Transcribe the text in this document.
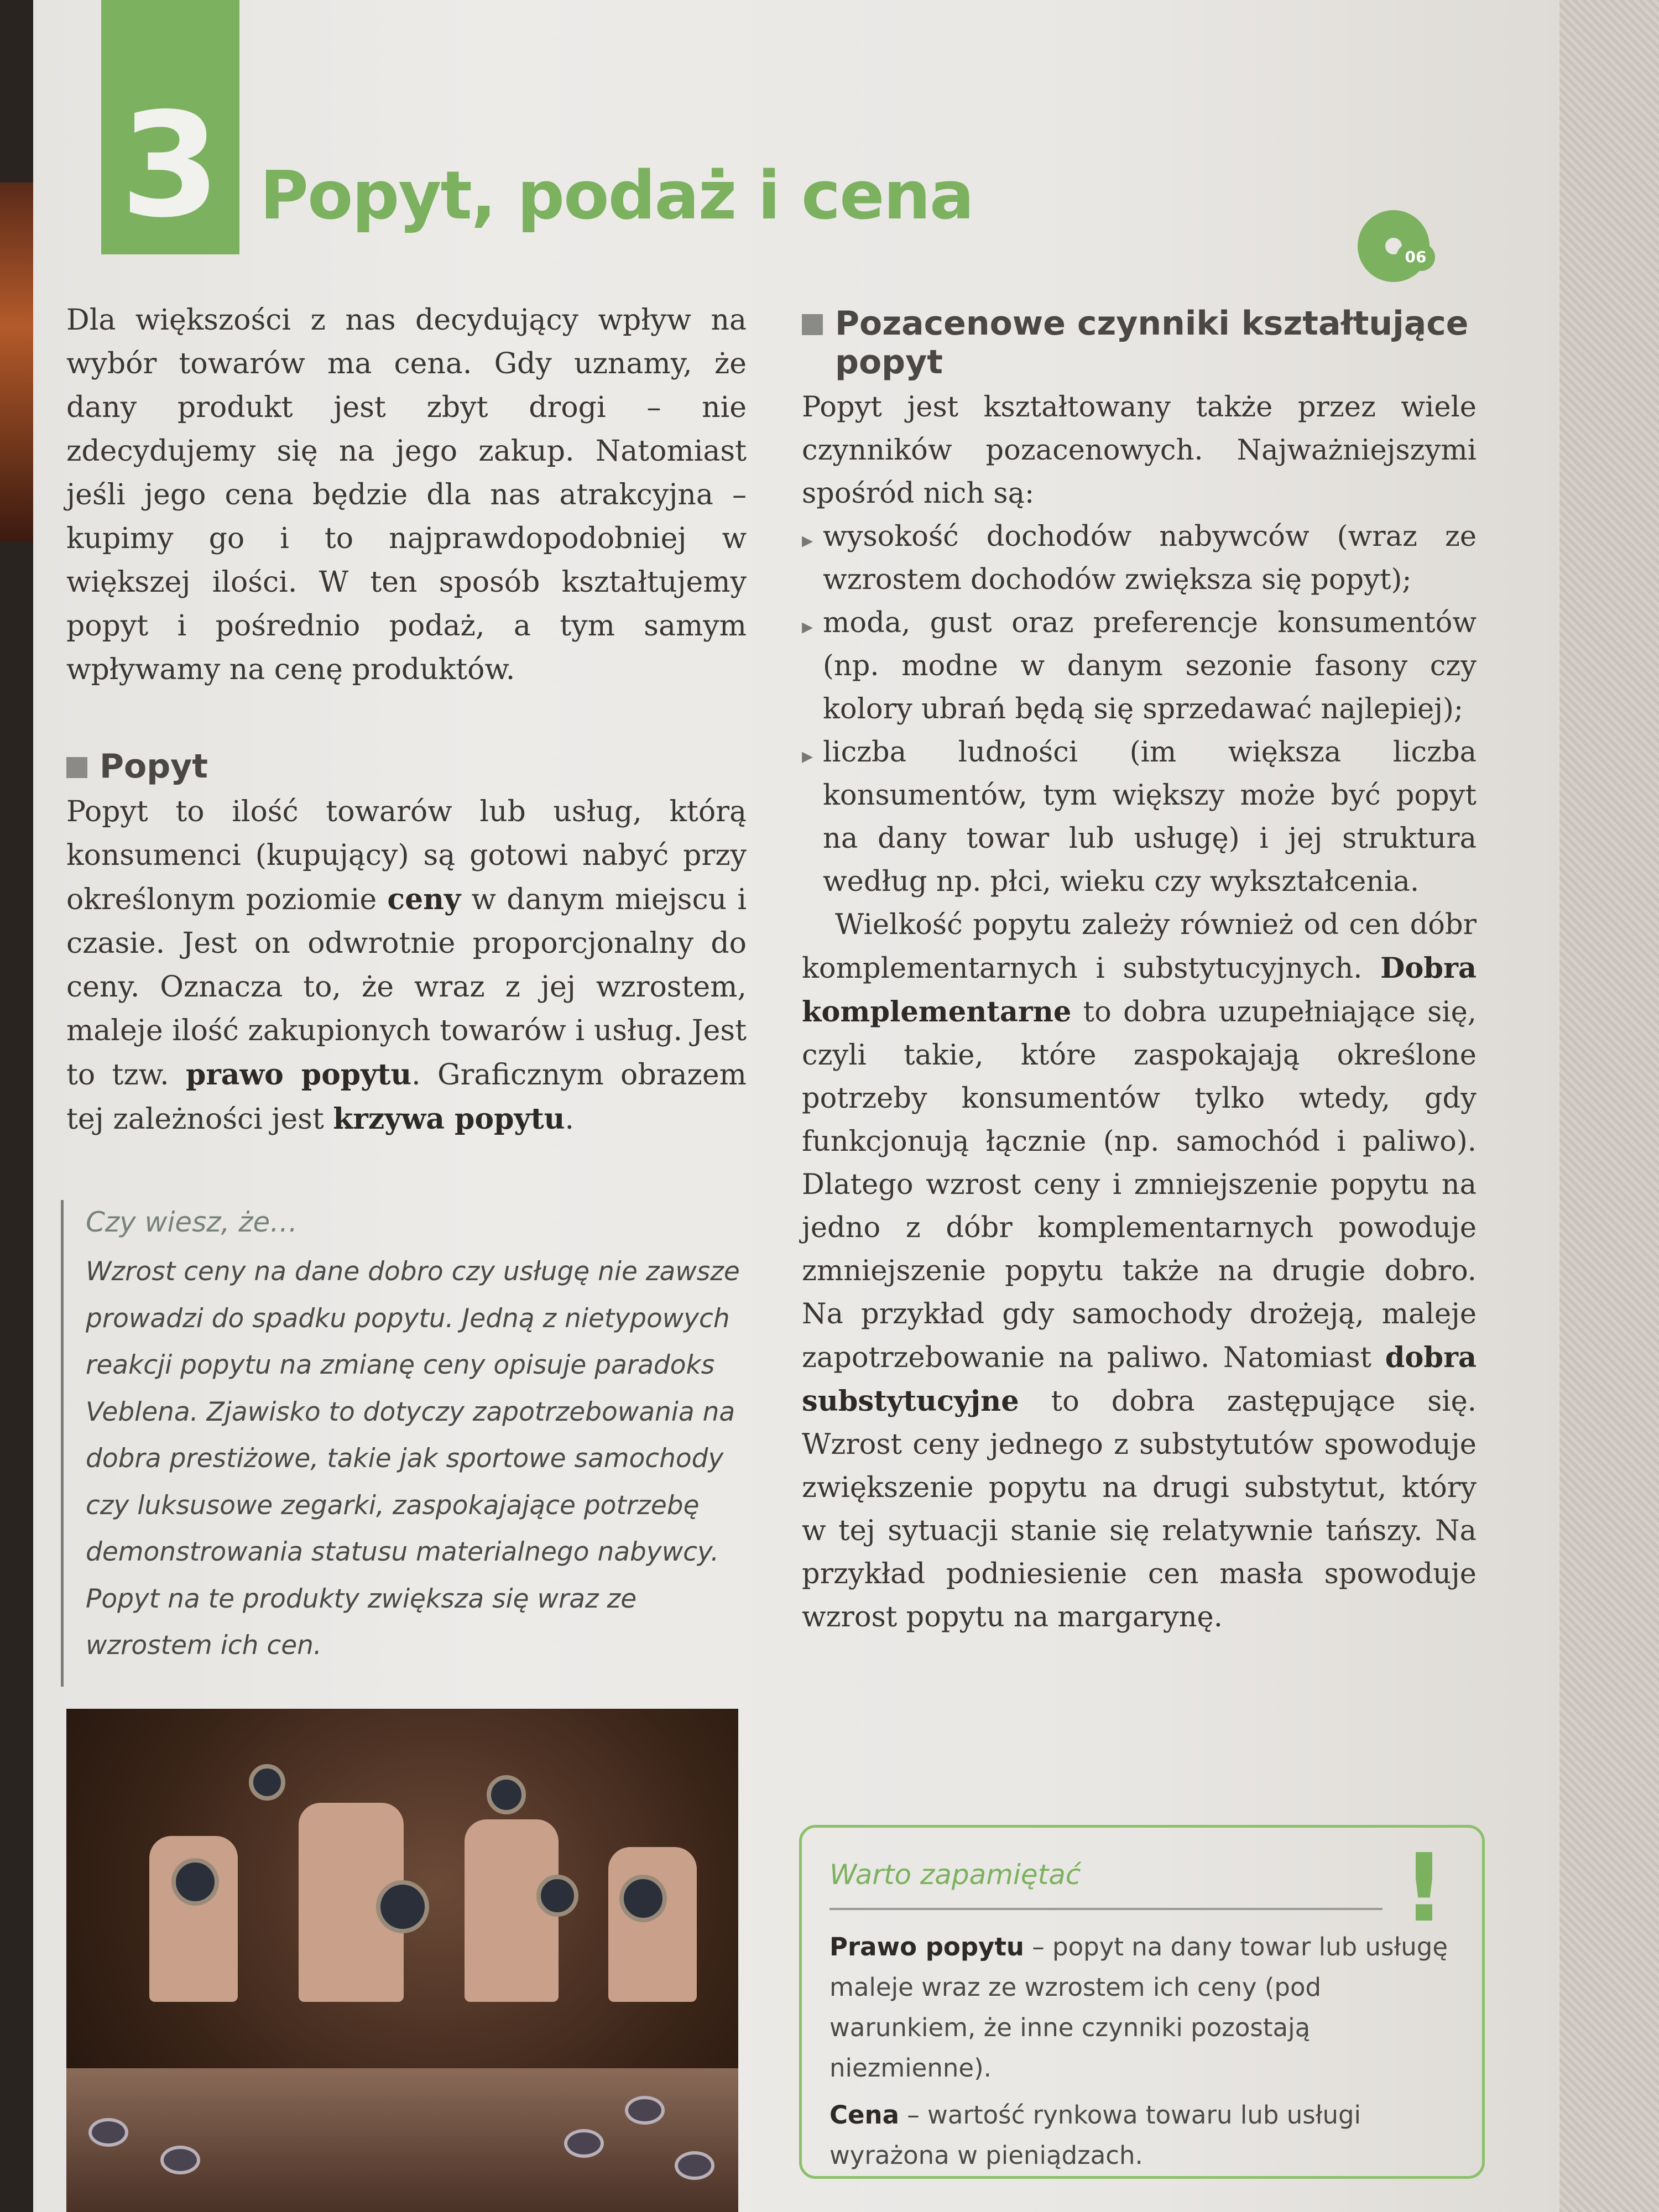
3 Popyt, podaż i cena
06

Dla większości z nas decydujący wpływ na wybór towarów ma cena. Gdy uznamy, że dany produkt jest zbyt drogi – nie zdecydujemy się na jego zakup. Natomiast jeśli jego cena będzie dla nas atrakcyjna – kupimy go i to najprawdopodobniej w większej ilości. W ten sposób kształtujemy popyt i pośrednio podaż, a tym samym wpływamy na cenę produktów.

Popyt

Popyt to ilość towarów lub usług, którą konsumenci (kupujący) są gotowi nabyć przy określonym poziomie ceny w danym miejscu i czasie. Jest on odwrotnie proporcjonalny do ceny. Oznacza to, że wraz z jej wzrostem, maleje ilość zakupionych towarów i usług. Jest to tzw. prawo popytu. Graficznym obrazem tej zależności jest krzywa popytu.

Czy wiesz, że…
Wzrost ceny na dane dobro czy usługę nie zawsze prowadzi do spadku popytu. Jedną z nietypowych reakcji popytu na zmianę ceny opisuje paradoks Veblena. Zjawisko to dotyczy zapotrzebowania na dobra prestiżowe, takie jak sportowe samochody czy luksusowe zegarki, zaspokajające potrzebę demonstrowania statusu materialnego nabywcy. Popyt na te produkty zwiększa się wraz ze wzrostem ich cen.
Pozacenowe czynniki kształtujące popyt

Popyt jest kształtowany także przez wiele czynników pozacenowych. Najważniejszymi spośród nich są:

▸ wysokość dochodów nabywców (wraz ze wzrostem dochodów zwiększa się popyt);
▸ moda, gust oraz preferencje konsumentów (np. modne w danym sezonie fasony czy kolory ubrań będą się sprzedawać najlepiej);
▸ liczba ludności (im większa liczba konsumentów, tym większy może być popyt na dany towar lub usługę) i jej struktura według np. płci, wieku czy wykształcenia.

Wielkość popytu zależy również od cen dóbr komplementarnych i substytucyjnych. Dobra komplementarne to dobra uzupełniające się, czyli takie, które zaspokajają określone potrzeby konsumentów tylko wtedy, gdy funkcjonują łącznie (np. samochód i paliwo). Dlatego wzrost ceny i zmniejszenie popytu na jedno z dóbr komplementarnych powoduje zmniejszenie popytu także na drugie dobro. Na przykład gdy samochody drożeją, maleje zapotrzebowanie na paliwo. Natomiast dobra substytucyjne to dobra zastępujące się. Wzrost ceny jednego z substytutów spowoduje zwiększenie popytu na drugi substytut, który w tej sytuacji stanie się relatywnie tańszy. Na przykład podniesienie cen masła spowoduje wzrost popytu na margarynę.

Warto zapamiętać	!

Prawo popytu – popyt na dany towar lub usługę maleje wraz ze wzrostem ich ceny (pod warunkiem, że inne czynniki pozostają niezmienne).

Cena – wartość rynkowa towaru lub usługi wyrażona w pieniądzach.
